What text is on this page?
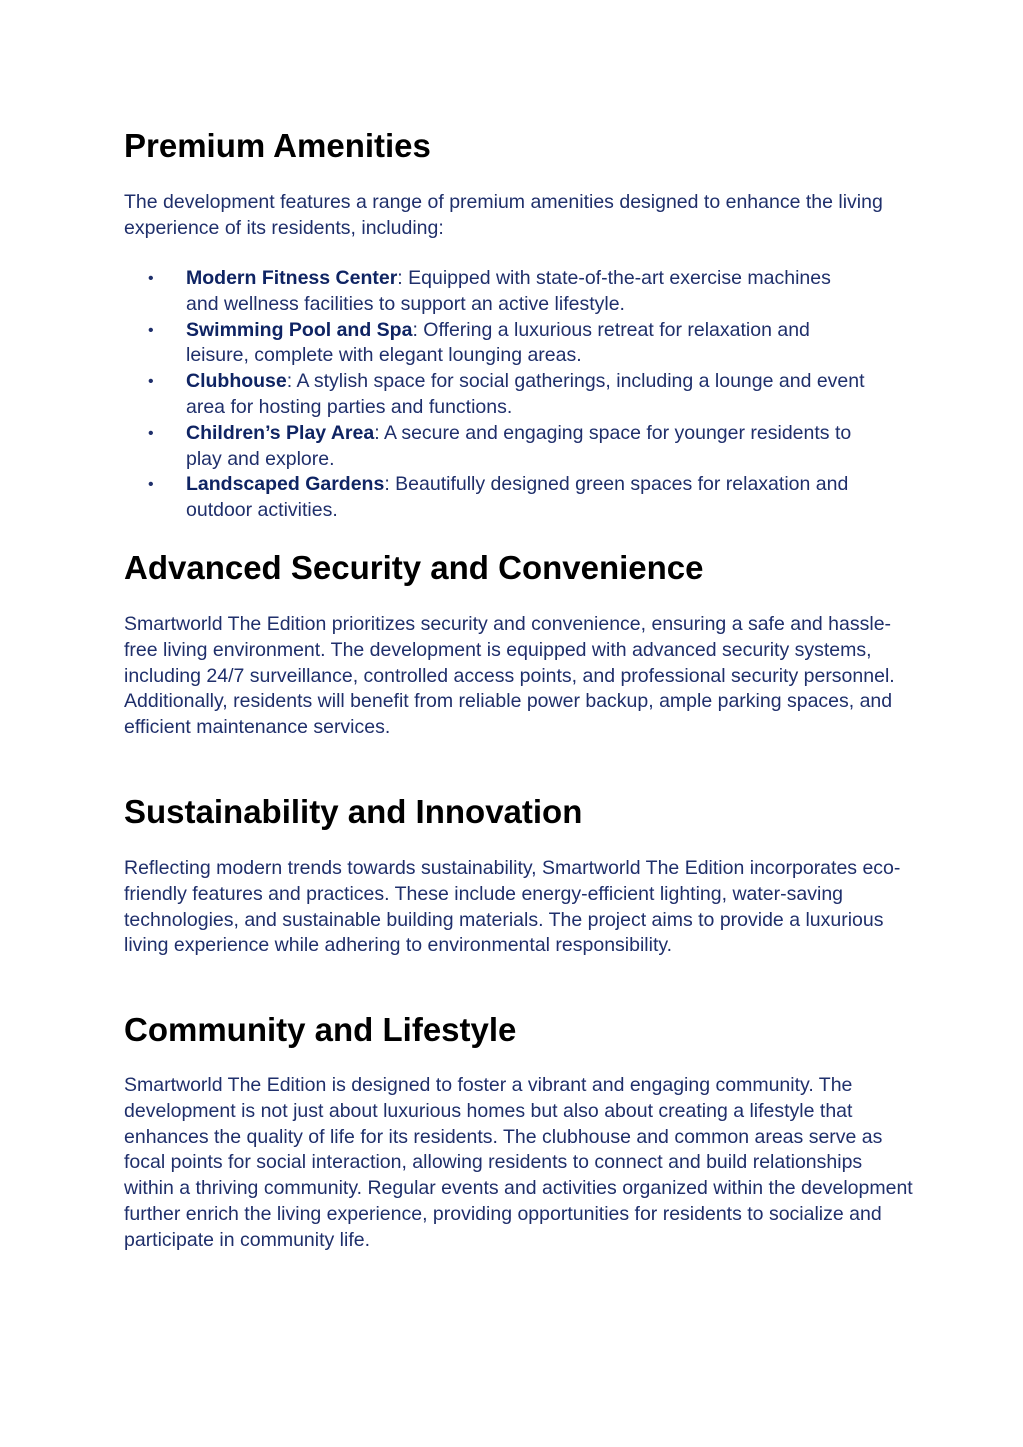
Premium Amenities

The development features a range of premium amenities designed to enhance the living experience of its residents, including:

• Modern Fitness Center: Equipped with state-of-the-art exercise machines and wellness facilities to support an active lifestyle.
• Swimming Pool and Spa: Offering a luxurious retreat for relaxation and leisure, complete with elegant lounging areas.
• Clubhouse: A stylish space for social gatherings, including a lounge and event area for hosting parties and functions.
• Children’s Play Area: A secure and engaging space for younger residents to play and explore.
• Landscaped Gardens: Beautifully designed green spaces for relaxation and outdoor activities.
Advanced Security and Convenience

Smartworld The Edition prioritizes security and convenience, ensuring a safe and hassle-free living environment. The development is equipped with advanced security systems, including 24/7 surveillance, controlled access points, and professional security personnel. Additionally, residents will benefit from reliable power backup, ample parking spaces, and efficient maintenance services.

Sustainability and Innovation

Reflecting modern trends towards sustainability, Smartworld The Edition incorporates eco-friendly features and practices. These include energy-efficient lighting, water-saving technologies, and sustainable building materials. The project aims to provide a luxurious living experience while adhering to environmental responsibility.

Community and Lifestyle

Smartworld The Edition is designed to foster a vibrant and engaging community. The development is not just about luxurious homes but also about creating a lifestyle that enhances the quality of life for its residents. The clubhouse and common areas serve as focal points for social interaction, allowing residents to connect and build relationships within a thriving community. Regular events and activities organized within the development further enrich the living experience, providing opportunities for residents to socialize and participate in community life.
